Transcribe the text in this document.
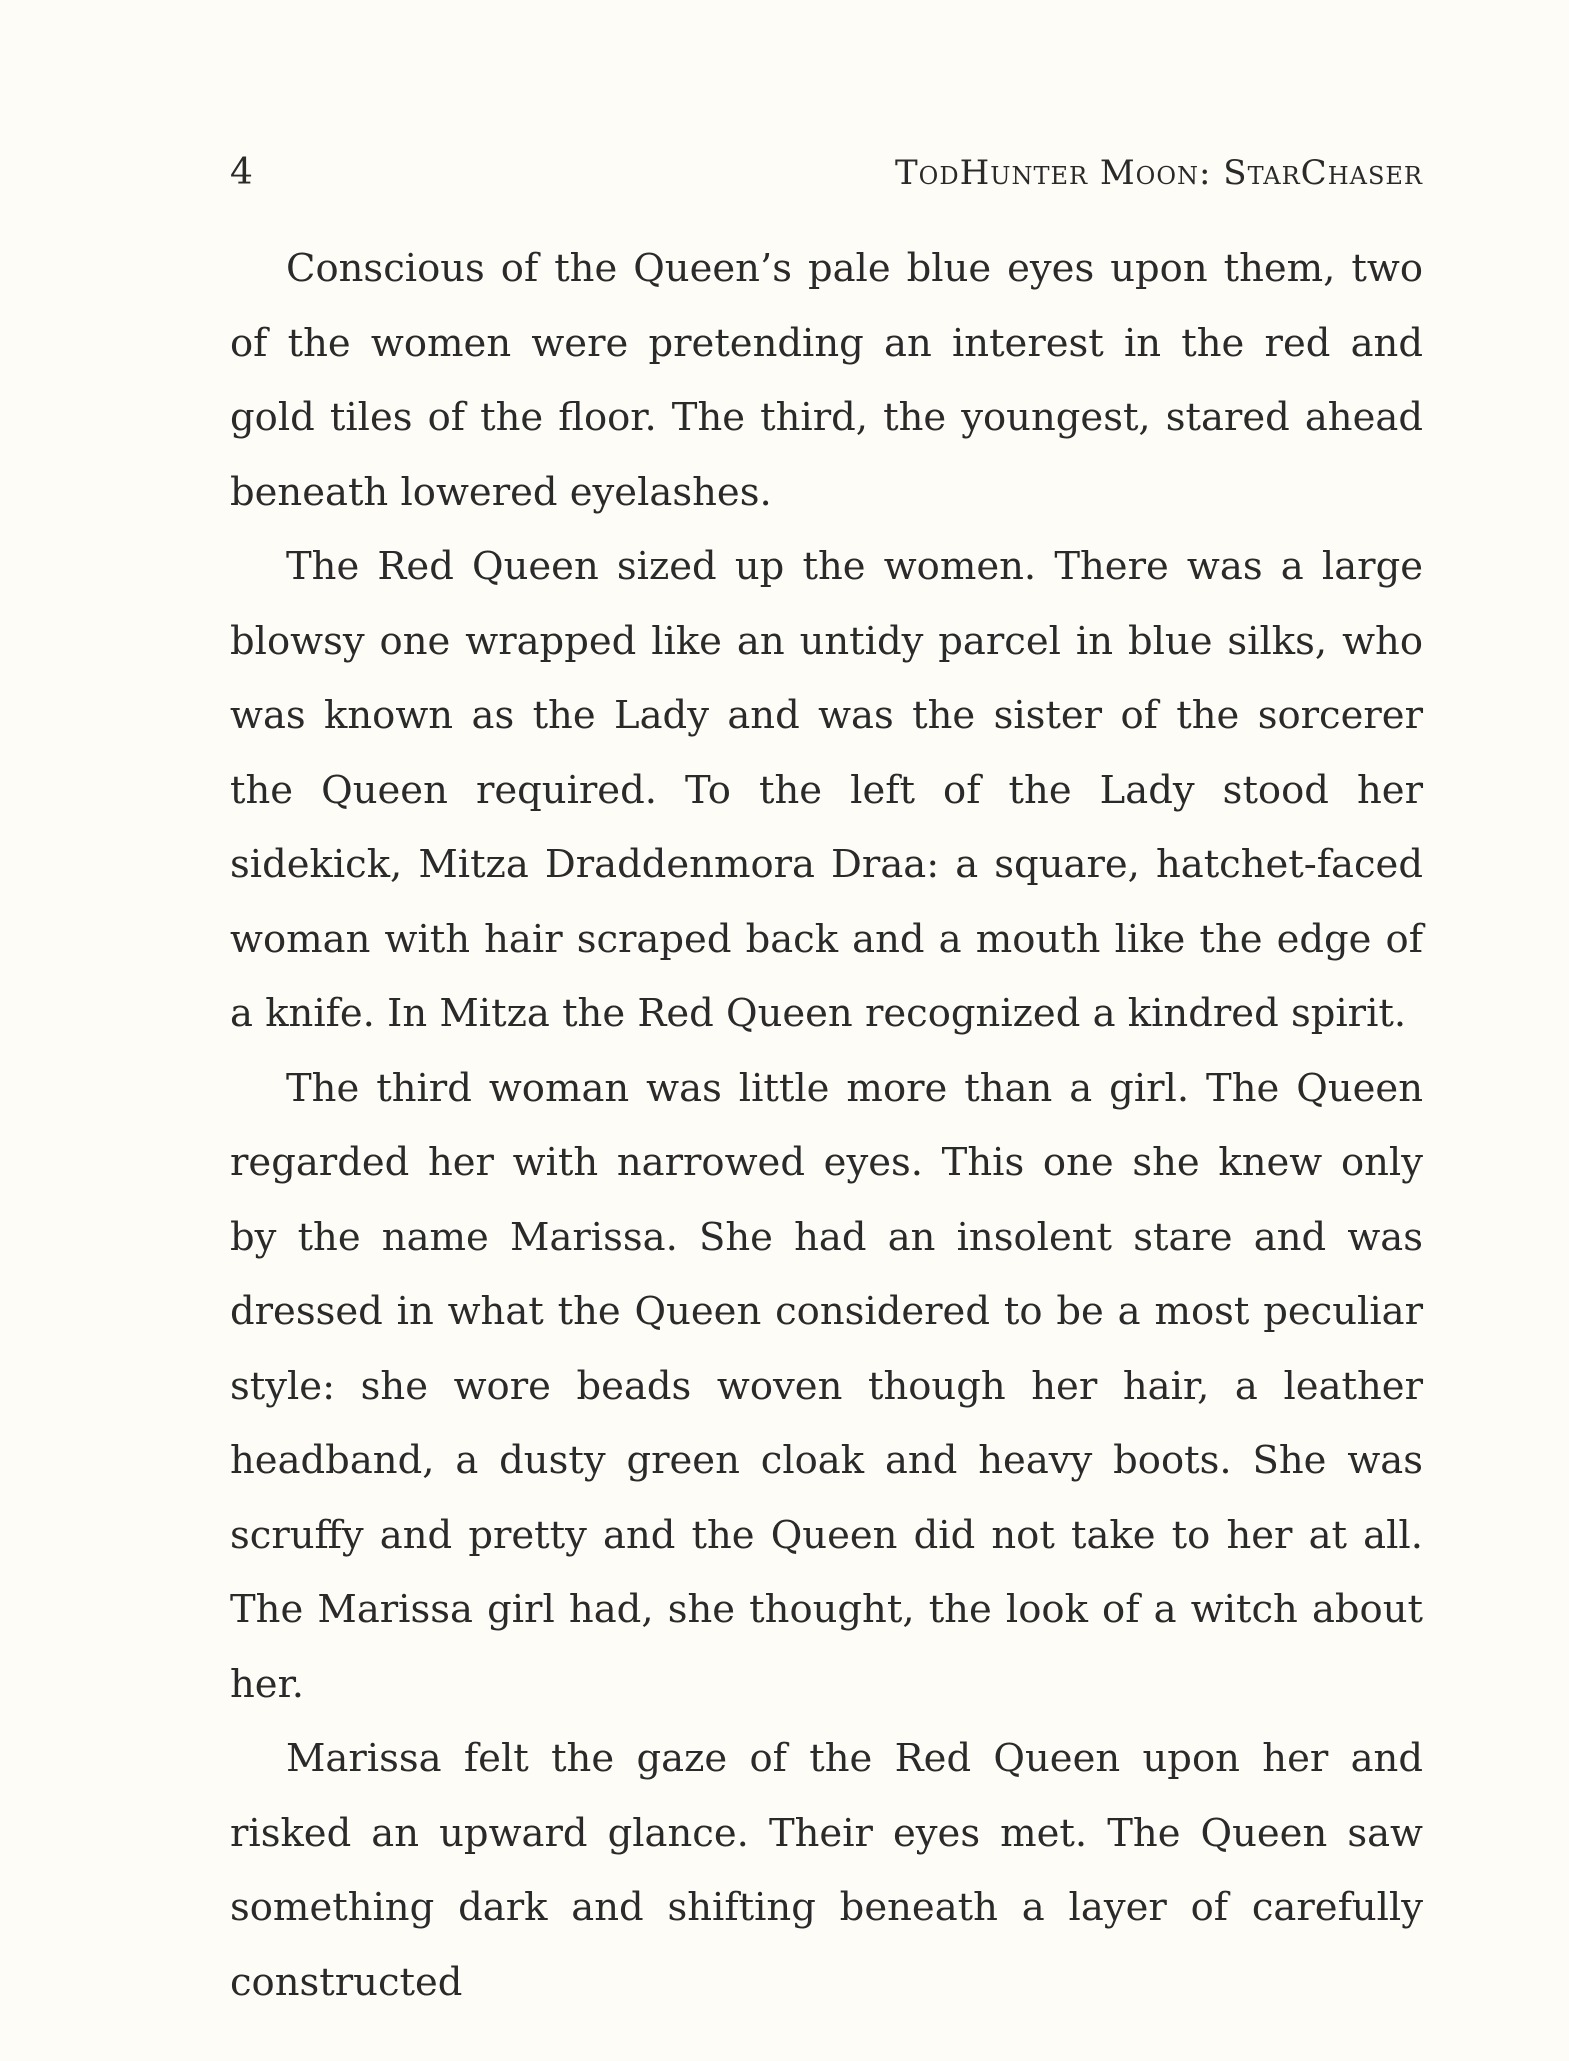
4	TodHunter Moon: StarChaser

Conscious of the Queen’s pale blue eyes upon them, two of the women were pretending an interest in the red and gold tiles of the floor. The third, the youngest, stared ahead beneath lowered eyelashes.

The Red Queen sized up the women. There was a large blowsy one wrapped like an untidy parcel in blue silks, who was known as the Lady and was the sister of the sorcerer the Queen required. To the left of the Lady stood her sidekick, Mitza Draddenmora Draa: a square, hatchet-faced woman with hair scraped back and a mouth like the edge of a knife. In Mitza the Red Queen recognized a kindred spirit.

The third woman was little more than a girl. The Queen regarded her with narrowed eyes. This one she knew only by the name Marissa. She had an insolent stare and was dressed in what the Queen considered to be a most peculiar style: she wore beads woven though her hair, a leather headband, a dusty green cloak and heavy boots. She was scruffy and pretty and the Queen did not take to her at all. The Marissa girl had, she thought, the look of a witch about her.

Marissa felt the gaze of the Red Queen upon her and risked an upward glance. Their eyes met. The Queen saw something dark and shifting beneath a layer of carefully constructed
